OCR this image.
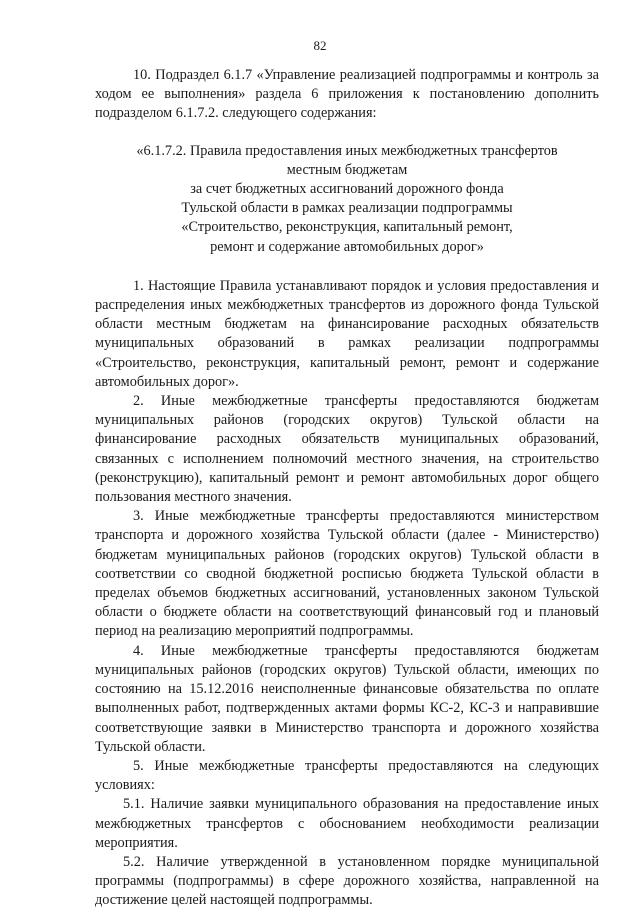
82

10. Подраздел 6.1.7 «Управление реализацией подпрограммы и контроль за ходом ее выполнения» раздела 6 приложения к постановлению дополнить подразделом 6.1.7.2. следующего содержания:

«6.1.7.2. Правила предоставления иных межбюджетных трансфертов
местным бюджетам
за счет бюджетных ассигнований дорожного фонда
Тульской области в рамках реализации подпрограммы
«Строительство, реконструкция, капитальный ремонт,
ремонт и содержание автомобильных дорог»

1. Настоящие Правила устанавливают порядок и условия предоставления и распределения иных межбюджетных трансфертов из дорожного фонда Тульской области местным бюджетам на финансирование расходных обязательств муниципальных образований в рамках реализации подпрограммы «Строительство, реконструкция, капитальный ремонт, ремонт и содержание автомобильных дорог».

2. Иные межбюджетные трансферты предоставляются бюджетам муниципальных районов (городских округов) Тульской области на финансирование расходных обязательств муниципальных образований, связанных с исполнением полномочий местного значения, на строительство (реконструкцию), капитальный ремонт и ремонт автомобильных дорог общего пользования местного значения.

3. Иные межбюджетные трансферты предоставляются министерством транспорта и дорожного хозяйства Тульской области (далее - Министерство) бюджетам муниципальных районов (городских округов) Тульской области в соответствии со сводной бюджетной росписью бюджета Тульской области в пределах объемов бюджетных ассигнований, установленных законом Тульской области о бюджете области на соответствующий финансовый год и плановый период на реализацию мероприятий подпрограммы.

4. Иные межбюджетные трансферты предоставляются бюджетам муниципальных районов (городских округов) Тульской области, имеющих по состоянию на 15.12.2016 неисполненные финансовые обязательства по оплате выполненных работ, подтвержденных актами формы КС-2, КС-3 и направившие соответствующие заявки в Министерство транспорта и дорожного хозяйства Тульской области.

5. Иные межбюджетные трансферты предоставляются на следующих условиях:

5.1. Наличие заявки муниципального образования на предоставление иных межбюджетных трансфертов с обоснованием необходимости реализации мероприятия.

5.2. Наличие утвержденной в установленном порядке муниципальной программы (подпрограммы) в сфере дорожного хозяйства, направленной на достижение целей настоящей подпрограммы.
